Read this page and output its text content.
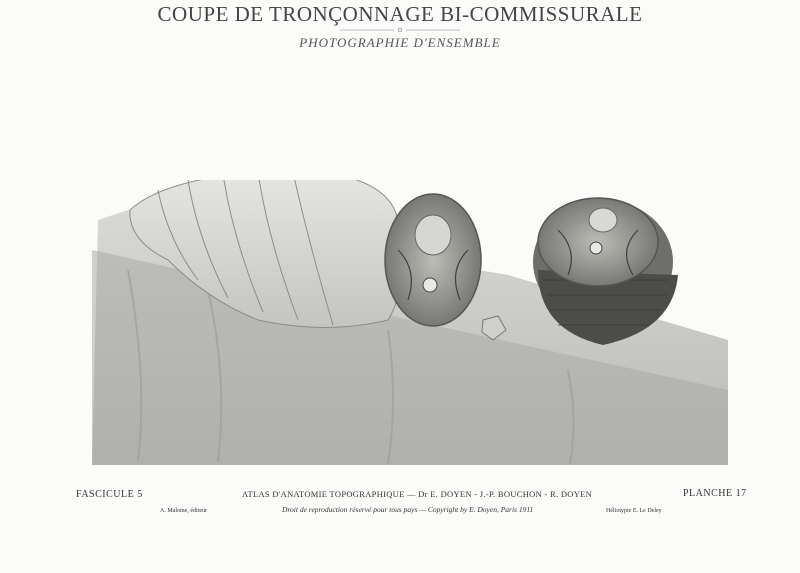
COUPE DE TRONÇONNAGE BI-COMMISSURALE
PHOTOGRAPHIE D'ENSEMBLE
FASCICULE 5	ATLAS D'ANATOMIE TOPOGRAPHIQUE — Dr E. DOYEN - J.-P. BOUCHON - R. DOYEN	PLANCHE 17
A. Maloine, éditeur	Droit de reproduction réservé pour tous pays — Copyright by E. Doyen, Paris 1911	Héliotypie E. Le Deley
